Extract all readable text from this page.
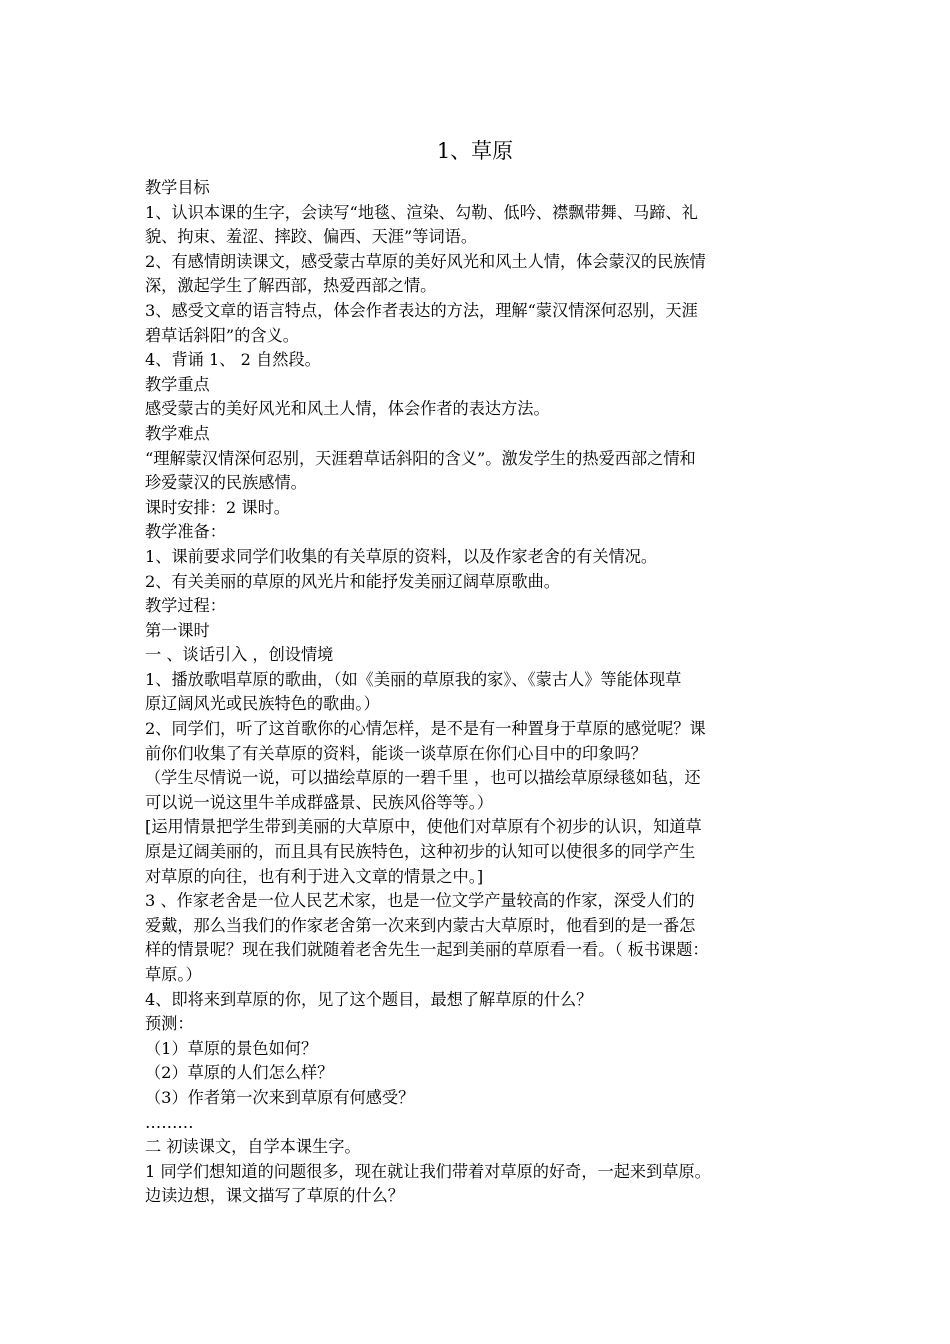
1、草原
教学目标
1、认识本课的生字，会读写“地毯、渲染、勾勒、低吟、襟飘带舞、马蹄、礼
貌、拘束、羞涩、摔跤、偏西、天涯”等词语。
2、有感情朗读课文，感受蒙古草原的美好风光和风土人情，体会蒙汉的民族情
深，激起学生了解西部，热爱西部之情。
3、感受文章的语言特点，体会作者表达的方法，理解“蒙汉情深何忍别，天涯
碧草话斜阳”的含义。
4、背诵 1、 2 自然段。
教学重点
感受蒙古的美好风光和风土人情，体会作者的表达方法。
教学难点
“理解蒙汉情深何忍别，天涯碧草话斜阳的含义”。激发学生的热爱西部之情和
珍爱蒙汉的民族感情。
课时安排：2 课时。
教学准备：
1、课前要求同学们收集的有关草原的资料，以及作家老舍的有关情况。
2、有关美丽的草原的风光片和能抒发美丽辽阔草原歌曲。
教学过程：
第一课时
一 、谈话引入 ，创设情境
1、播放歌唱草原的歌曲，（如《美丽的草原我的家》、《蒙古人》等能体现草
原辽阔风光或民族特色的歌曲。）
2、同学们，听了这首歌你的心情怎样，是不是有一种置身于草原的感觉呢？课
前你们收集了有关草原的资料，能谈一谈草原在你们心目中的印象吗？
（学生尽情说一说，可以描绘草原的一碧千里 ，也可以描绘草原绿毯如毡，还
可以说一说这里牛羊成群盛景、民族风俗等等。）
[运用情景把学生带到美丽的大草原中，使他们对草原有个初步的认识，知道草
原是辽阔美丽的，而且具有民族特色，这种初步的认知可以使很多的同学产生
对草原的向往，也有利于进入文章的情景之中。]
3 、作家老舍是一位人民艺术家，也是一位文学产量较高的作家，深受人们的
爱戴，那么当我们的作家老舍第一次来到内蒙古大草原时，他看到的是一番怎
样的情景呢？现在我们就随着老舍先生一起到美丽的草原看一看。（ 板书课题：
草原。）
4、即将来到草原的你，见了这个题目，最想了解草原的什么？
预测：
（1）草原的景色如何？
（2）草原的人们怎么样？
（3）作者第一次来到草原有何感受？
………
二 初读课文，自学本课生字。
1 同学们想知道的问题很多，现在就让我们带着对草原的好奇，一起来到草原。
边读边想，课文描写了草原的什么？
